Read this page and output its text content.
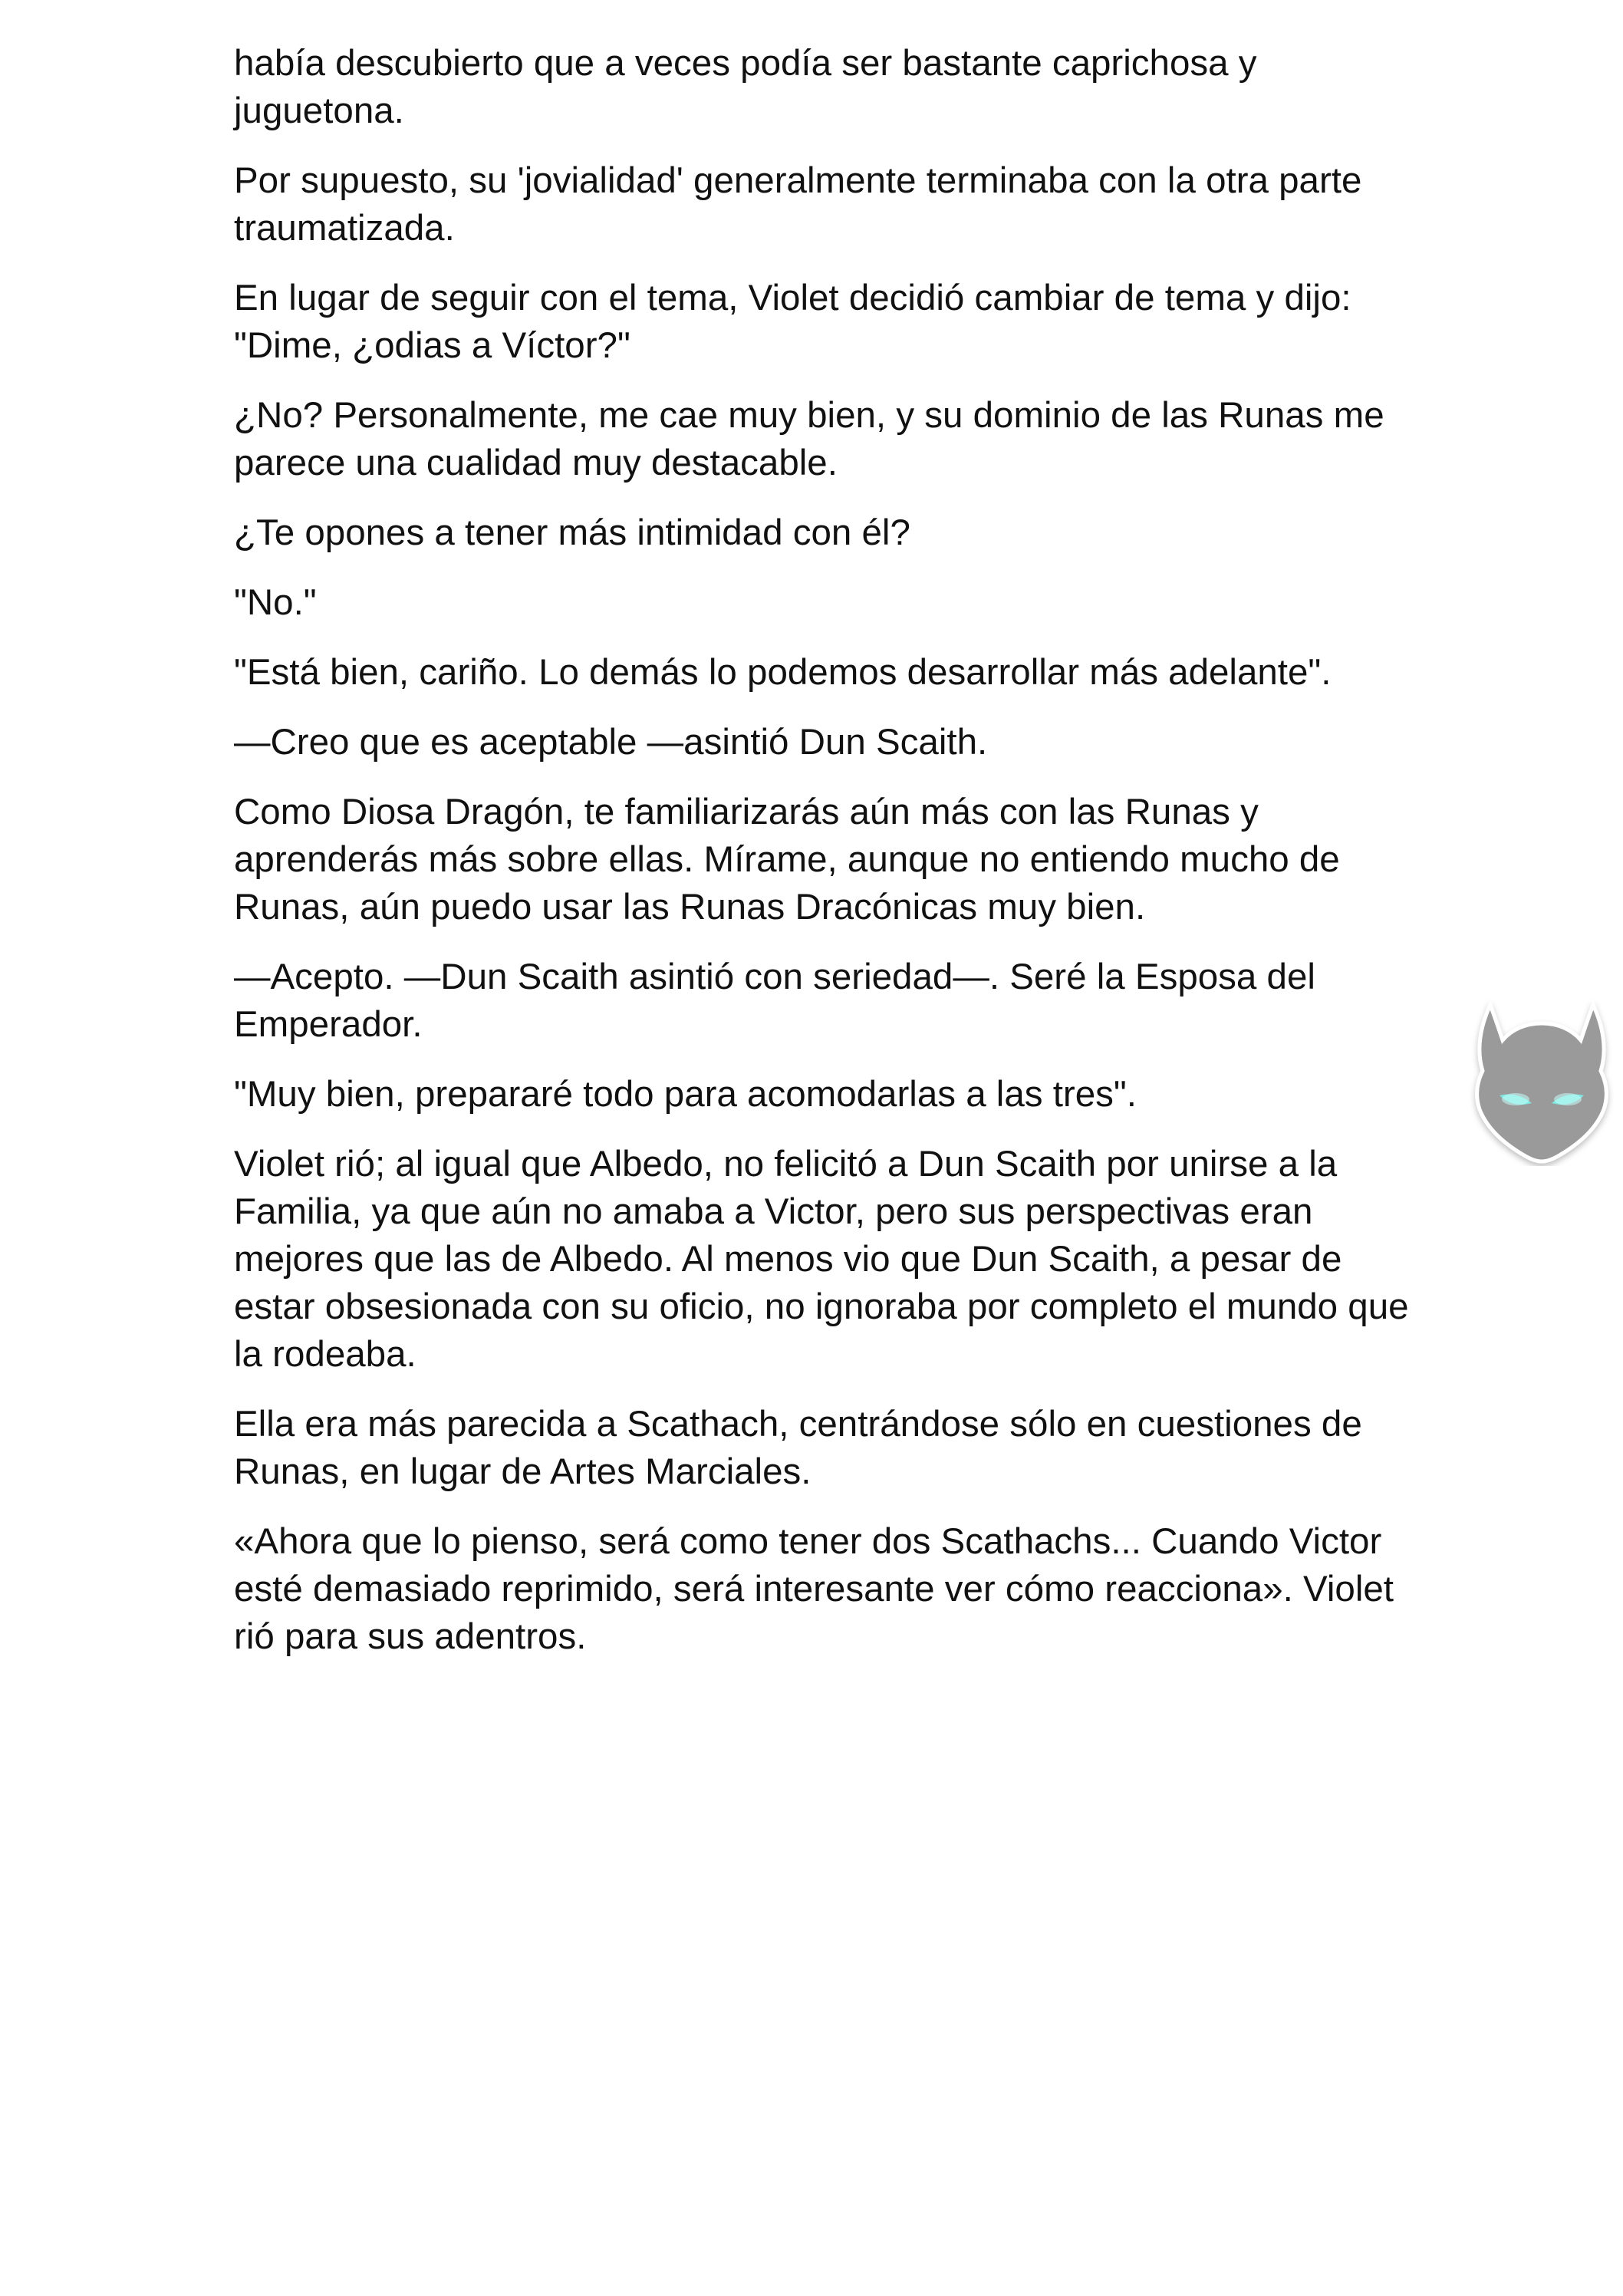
había descubierto que a veces podía ser bastante caprichosa y juguetona.

Por supuesto, su 'jovialidad' generalmente terminaba con la otra parte traumatizada.

En lugar de seguir con el tema, Violet decidió cambiar de tema y dijo: "Dime, ¿odias a Víctor?"

¿No? Personalmente, me cae muy bien, y su dominio de las Runas me parece una cualidad muy destacable.

¿Te opones a tener más intimidad con él?

"No."

"Está bien, cariño. Lo demás lo podemos desarrollar más adelante".

—Creo que es aceptable —asintió Dun Scaith.

Como Diosa Dragón, te familiarizarás aún más con las Runas y aprenderás más sobre ellas. Mírame, aunque no entiendo mucho de Runas, aún puedo usar las Runas Dracónicas muy bien.

—Acepto. —Dun Scaith asintió con seriedad—. Seré la Esposa del Emperador.

"Muy bien, prepararé todo para acomodarlas a las tres".

Violet rió; al igual que Albedo, no felicitó a Dun Scaith por unirse a la Familia, ya que aún no amaba a Victor, pero sus perspectivas eran mejores que las de Albedo. Al menos vio que Dun Scaith, a pesar de estar obsesionada con su oficio, no ignoraba por completo el mundo que la rodeaba.

Ella era más parecida a Scathach, centrándose sólo en cuestiones de Runas, en lugar de Artes Marciales.

«Ahora que lo pienso, será como tener dos Scathachs... Cuando Victor esté demasiado reprimido, será interesante ver cómo reacciona». Violet rió para sus adentros.
